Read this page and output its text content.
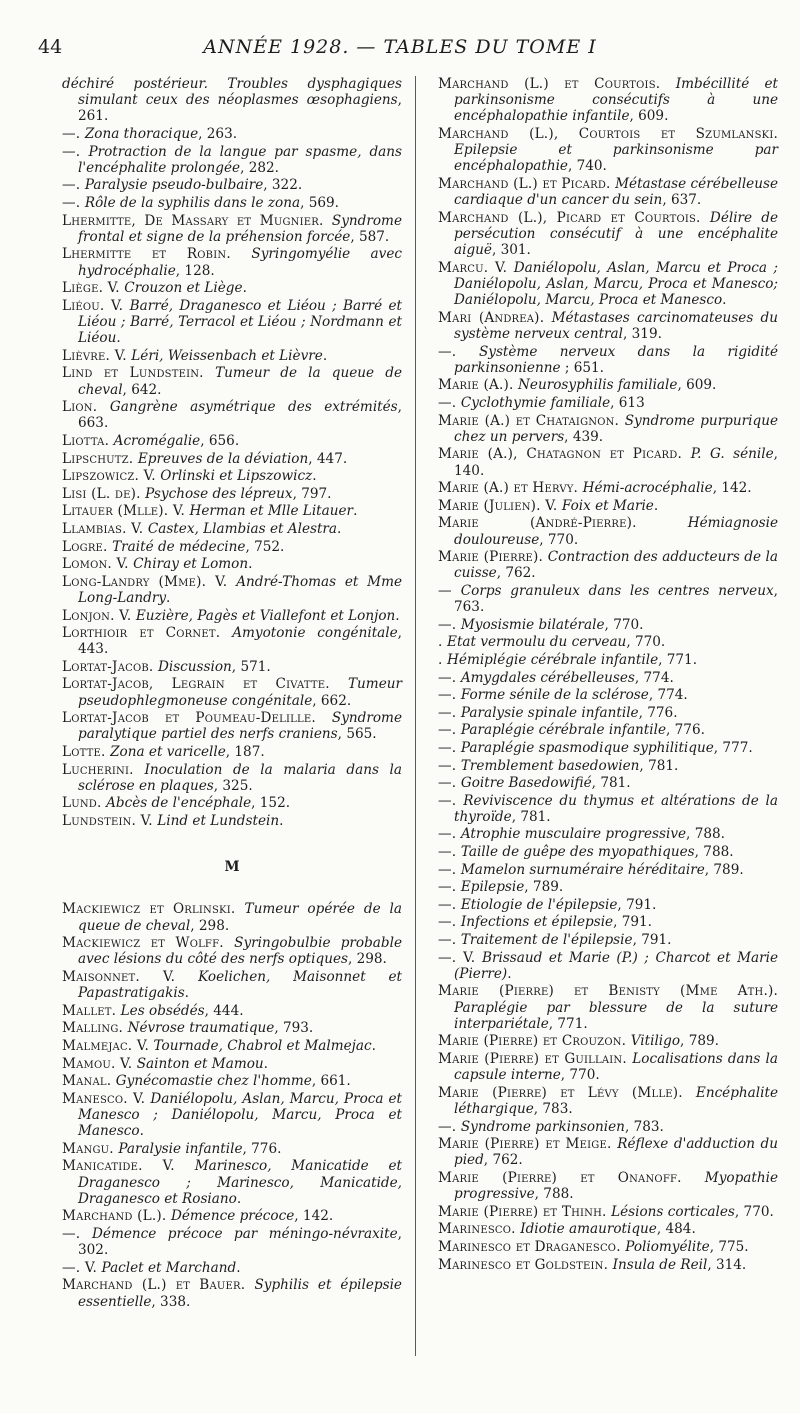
44	ANNÉE 1928. — TABLES DU TOME I

déchiré postérieur. Troubles dysphagiques simulant ceux des néoplasmes œsophagiens, 261.

—. Zona thoracique, 263.

—. Protraction de la langue par spasme, dans l'encéphalite prolongée, 282.

—. Paralysie pseudo-bulbaire, 322.

—. Rôle de la syphilis dans le zona, 569.

Lhermitte, De Massary et Mugnier. Syndrome frontal et signe de la préhension forcée, 587.

Lhermitte et Robin. Syringomyélie avec hydrocéphalie, 128.

Liège. V. Crouzon et Liège.

Liéou. V. Barré, Draganesco et Liéou ; Barré et Liéou ; Barré, Terracol et Liéou ; Nordmann et Liéou.

Lièvre. V. Léri, Weissenbach et Lièvre.

Lind et Lundstein. Tumeur de la queue de cheval, 642.

Lion. Gangrène asymétrique des extrémités, 663.

Liotta. Acromégalie, 656.

Lipschutz. Epreuves de la déviation, 447.

Lipszowicz. V. Orlinski et Lipszowicz.

Lisi (L. de). Psychose des lépreux, 797.

Litauer (Mlle). V. Herman et Mlle Litauer.

Llambias. V. Castex, Llambias et Alestra.

Logre. Traité de médecine, 752.

Lomon. V. Chiray et Lomon.

Long-Landry (Mme). V. André-Thomas et Mme Long-Landry.

Lonjon. V. Euzière, Pagès et Viallefont et Lonjon.

Lorthioir et Cornet. Amyotonie congénitale, 443.

Lortat-Jacob. Discussion, 571.

Lortat-Jacob, Legrain et Civatte. Tumeur pseudophlegmoneuse congénitale, 662.

Lortat-Jacob et Poumeau-Delille. Syndrome paralytique partiel des nerfs craniens, 565.

Lotte. Zona et varicelle, 187.

Lucherini. Inoculation de la malaria dans la sclérose en plaques, 325.

Lund. Abcès de l'encéphale, 152.

Lundstein. V. Lind et Lundstein.

M

Mackiewicz et Orlinski. Tumeur opérée de la queue de cheval, 298.

Mackiewicz et Wolff. Syringobulbie probable avec lésions du côté des nerfs optiques, 298.

Maisonnet. V. Koelichen, Maisonnet et Papastratigakis.

Mallet. Les obsédés, 444.

Malling. Névrose traumatique, 793.

Malmejac. V. Tournade, Chabrol et Malmejac.

Mamou. V. Sainton et Mamou.

Manal. Gynécomastie chez l'homme, 661.

Manesco. V. Daniélopolu, Aslan, Marcu, Proca et Manesco ; Daniélopolu, Marcu, Proca et Manesco.

Mangu. Paralysie infantile, 776.

Manicatide. V. Marinesco, Manicatide et Draganesco ; Marinesco, Manicatide, Draganesco et Rosiano.

Marchand (L.). Démence précoce, 142.

—. Démence précoce par méningo-névraxite, 302.

—. V. Paclet et Marchand.

Marchand (L.) et Bauer. Syphilis et épilepsie essentielle, 338.

Marchand (L.) et Courtois. Imbécillité et parkinsonisme consécutifs à une encéphalopathie infantile, 609.

Marchand (L.), Courtois et Szumlanski. Epilepsie et parkinsonisme par encéphalopathie, 740.

Marchand (L.) et Picard. Métastase cérébelleuse cardiaque d'un cancer du sein, 637.

Marchand (L.), Picard et Courtois. Délire de persécution consécutif à une encéphalite aiguë, 301.

Marcu. V. Daniélopolu, Aslan, Marcu et Proca ; Daniélopolu, Aslan, Marcu, Proca et Manesco; Daniélopolu, Marcu, Proca et Manesco.

Mari (Andrea). Métastases carcinomateuses du système nerveux central, 319.

—. Système nerveux dans la rigidité parkinsonienne ; 651.

Marie (A.). Neurosyphilis familiale, 609.

—. Cyclothymie familiale, 613

Marie (A.) et Chataignon. Syndrome purpurique chez un pervers, 439.

Marie (A.), Chatagnon et Picard. P. G. sénile, 140.

Marie (A.) et Hervy. Hémi-acrocéphalie, 142.

Marie (Julien). V. Foix et Marie.

Marie (André-Pierre). Hémiagnosie douloureuse, 770.

Marie (Pierre). Contraction des adducteurs de la cuisse, 762.

— Corps granuleux dans les centres nerveux, 763.

—. Myosismie bilatérale, 770.

. Etat vermoulu du cerveau, 770.

. Hémiplégie cérébrale infantile, 771.

—. Amygdales cérébelleuses, 774.

—. Forme sénile de la sclérose, 774.

—. Paralysie spinale infantile, 776.

—. Paraplégie cérébrale infantile, 776.

—. Paraplégie spasmodique syphilitique, 777.

—. Tremblement basedowien, 781.

—. Goitre Basedowifié, 781.

—. Reviviscence du thymus et altérations de la thyroïde, 781.

—. Atrophie musculaire progressive, 788.

—. Taille de guêpe des myopathiques, 788.

—. Mamelon surnuméraire héréditaire, 789.

—. Epilepsie, 789.

—. Etiologie de l'épilepsie, 791.

—. Infections et épilepsie, 791.

—. Traitement de l'épilepsie, 791.

—. V. Brissaud et Marie (P.) ; Charcot et Marie (Pierre).

Marie (Pierre) et Benisty (Mme Ath.). Paraplégie par blessure de la suture interpariétale, 771.

Marie (Pierre) et Crouzon. Vitiligo, 789.

Marie (Pierre) et Guillain. Localisations dans la capsule interne, 770.

Marie (Pierre) et Lévy (Mlle). Encéphalite léthargique, 783.

—. Syndrome parkinsonien, 783.

Marie (Pierre) et Meige. Réflexe d'adduction du pied, 762.

Marie (Pierre) et Onanoff. Myopathie progressive, 788.

Marie (Pierre) et Thinh. Lésions corticales, 770.

Marinesco. Idiotie amaurotique, 484.

Marinesco et Draganesco. Poliomyélite, 775.

Marinesco et Goldstein. Insula de Reil, 314.
